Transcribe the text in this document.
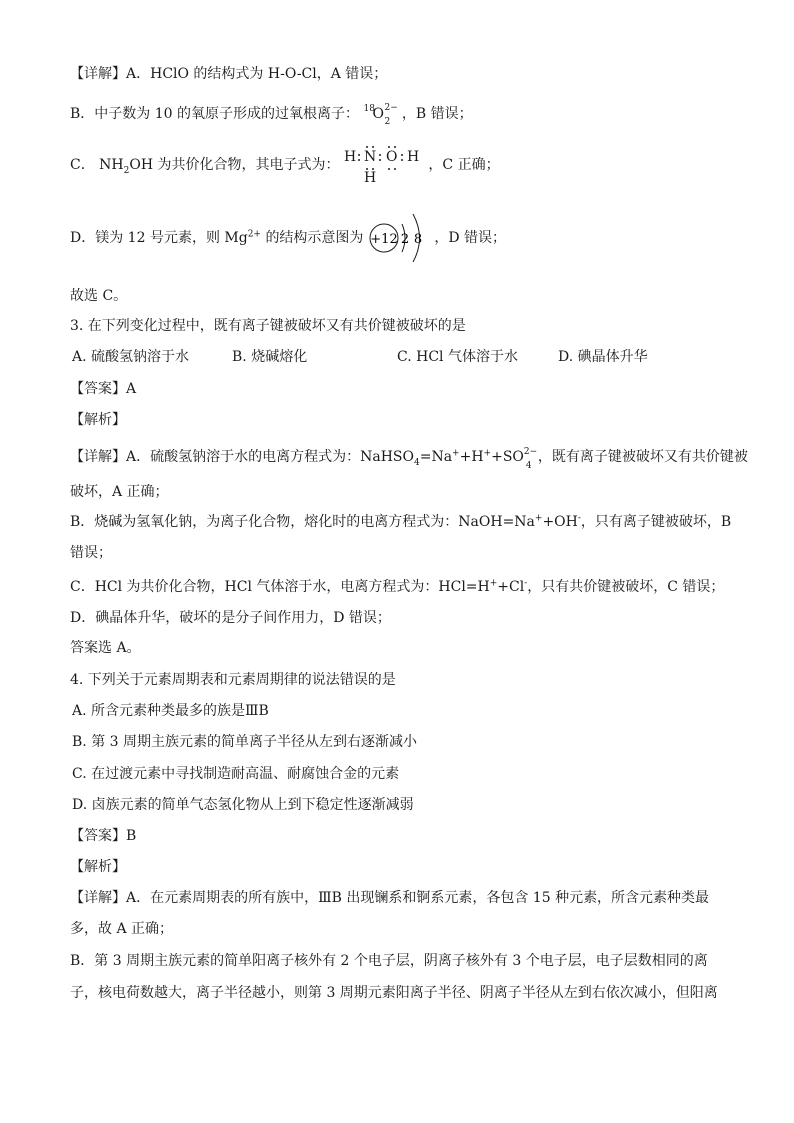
【详解】A．HClO 的结构式为 H-O-Cl，A 错误；
B．中子数为 10 的氧原子形成的过氧根离子： 18
O 2
2− ，B 错误；
C． $NH_2OH$ 为共价化合物，其电子式为： H N O H
H
，C 正确；
D．镁为 12 号元素，则 $Mg^{2+}$ 的结构示意图为 +12 2 8 ，D 错误；
故选 C。
3. 在下列变化过程中，既有离子键被破坏又有共价键被破坏的是
A. 硫酸氢钠溶于水	B. 烧碱熔化	C. HCl 气体溶于水	D. 碘晶体升华
【答案】A
【解析】
【详解】A．硫酸氢钠溶于水的电离方程式为：NaHSO$_4$=Na++H++SO 2−
4
，既有离子键被破坏又有共价键被
破坏，A 正确；
B．烧碱为氢氧化钠，为离子化合物，熔化时的电离方程式为：NaOH=Na++OH-，只有离子键被破坏，B
错误；
C．HCl 为共价化合物，HCl 气体溶于水，电离方程式为：HCl=H++Cl-，只有共价键被破坏，C 错误；
D．碘晶体升华，破坏的是分子间作用力，D 错误；
答案选 A。
4. 下列关于元素周期表和元素周期律的说法错误的是
A. 所含元素种类最多的族是ⅢB
B. 第 3 周期主族元素的简单离子半径从左到右逐渐减小
C. 在过渡元素中寻找制造耐高温、耐腐蚀合金的元素
D. 卤族元素的简单气态氢化物从上到下稳定性逐渐减弱
【答案】B
【解析】
【详解】A．在元素周期表的所有族中，ⅢB 出现镧系和锕系元素，各包含 15 种元素，所含元素种类最
多，故 A 正确；
B．第 3 周期主族元素的简单阳离子核外有 2 个电子层，阴离子核外有 3 个电子层，电子层数相同的离
子，核电荷数越大，离子半径越小，则第 3 周期元素阳离子半径、阴离子半径从左到右依次减小，但阳离
